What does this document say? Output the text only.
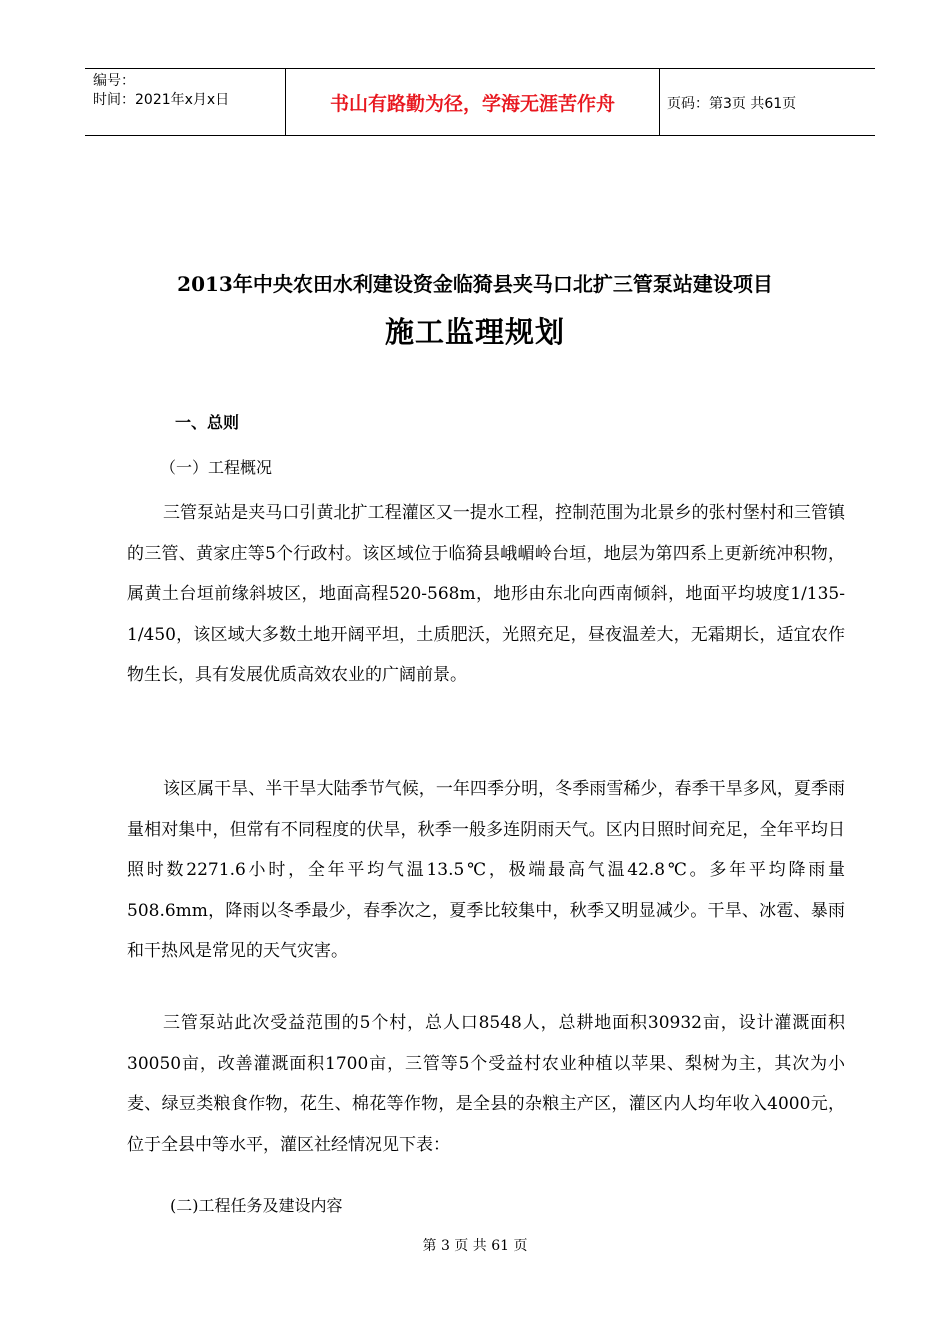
编号：
时间：2021年x月x日	书山有路勤为径，学海无涯苦作舟	页码：第3页 共61页
2013年中央农田水利建设资金临猗县夹马口北扩三管泵站建设项目
施工监理规划
一、总则
（一）工程概况

三管泵站是夹马口引黄北扩工程灌区又一提水工程，控制范围为北景乡的张村堡村和三管镇的三管、黄家庄等5个行政村。该区域位于临猗县峨嵋岭台垣，地层为第四系上更新统冲积物，属黄土台垣前缘斜坡区，地面高程520-568m，地形由东北向西南倾斜，地面平均坡度1/135-1/450，该区域大多数土地开阔平坦，土质肥沃，光照充足，昼夜温差大，无霜期长，适宜农作物生长，具有发展优质高效农业的广阔前景。

该区属干旱、半干旱大陆季节气候，一年四季分明，冬季雨雪稀少，春季干旱多风，夏季雨量相对集中，但常有不同程度的伏旱，秋季一般多连阴雨天气。区内日照时间充足，全年平均日照时数2271.6小时，全年平均气温13.5℃，极端最高气温42.8℃。多年平均降雨量508.6mm，降雨以冬季最少，春季次之，夏季比较集中，秋季又明显减少。干旱、冰雹、暴雨和干热风是常见的天气灾害。

三管泵站此次受益范围的5个村，总人口8548人，总耕地面积30932亩，设计灌溉面积30050亩，改善灌溉面积1700亩，三管等5个受益村农业种植以苹果、梨树为主，其次为小麦、绿豆类粮食作物，花生、棉花等作物，是全县的杂粮主产区，灌区内人均年收入4000元，位于全县中等水平，灌区社经情况见下表：

(二)工程任务及建设内容
第 3 页 共 61 页
